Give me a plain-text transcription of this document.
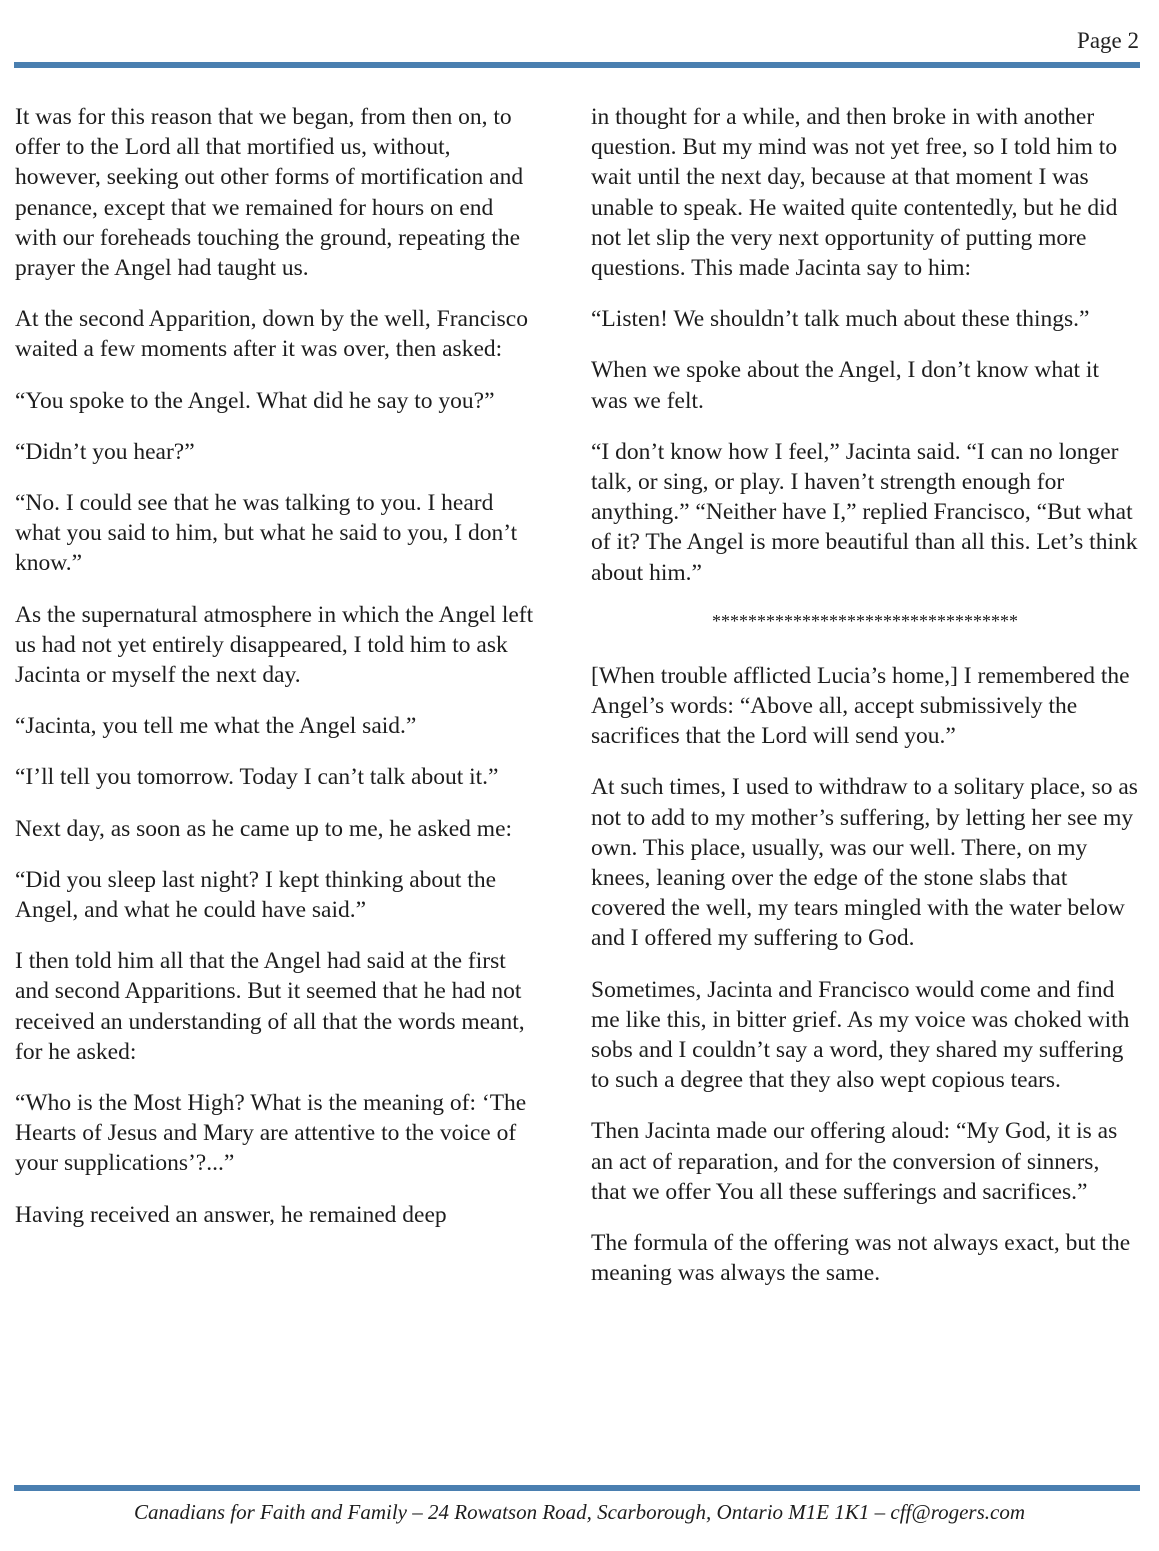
Page 2

It was for this reason that we began, from then on, to offer to the Lord all that mortified us, without, however, seeking out other forms of mortification and penance, except that we remained for hours on end with our foreheads touching the ground, repeating the prayer the Angel had taught us.

At the second Apparition, down by the well, Francisco waited a few moments after it was over, then asked:

“You spoke to the Angel. What did he say to you?”

“Didn’t you hear?”

“No. I could see that he was talking to you. I heard what you said to him, but what he said to you, I don’t know.”

As the supernatural atmosphere in which the Angel left us had not yet entirely disappeared, I told him to ask Jacinta or myself the next day.

“Jacinta, you tell me what the Angel said.”

“I’ll tell you tomorrow. Today I can’t talk about it.”

Next day, as soon as he came up to me, he asked me:

“Did you sleep last night? I kept thinking about the Angel, and what he could have said.”

I then told him all that the Angel had said at the first and second Apparitions. But it seemed that he had not received an understanding of all that the words meant, for he asked:

“Who is the Most High? What is the meaning of: ‘The Hearts of Jesus and Mary are attentive to the voice of your supplications’?...”

Having received an answer, he remained deep

in thought for a while, and then broke in with another question. But my mind was not yet free, so I told him to wait until the next day, because at that moment I was unable to speak. He waited quite contentedly, but he did not let slip the very next opportunity of putting more questions. This made Jacinta say to him:

“Listen! We shouldn’t talk much about these things.”

When we spoke about the Angel, I don’t know what it was we felt.

“I don’t know how I feel,” Jacinta said. “I can no longer talk, or sing, or play. I haven’t strength enough for anything.” “Neither have I,” replied Francisco, “But what of it? The Angel is more beautiful than all this. Let’s think about him.”

**********************************

[When trouble afflicted Lucia’s home,] I remembered the Angel’s words: “Above all, accept submissively the sacrifices that the Lord will send you.”

At such times, I used to withdraw to a solitary place, so as not to add to my mother’s suffering, by letting her see my own. This place, usually, was our well. There, on my knees, leaning over the edge of the stone slabs that covered the well, my tears mingled with the water below and I offered my suffering to God.

Sometimes, Jacinta and Francisco would come and find me like this, in bitter grief. As my voice was choked with sobs and I couldn’t say a word, they shared my suffering to such a degree that they also wept copious tears.

Then Jacinta made our offering aloud: “My God, it is as an act of reparation, and for the conversion of sinners, that we offer You all these sufferings and sacrifices.”

The formula of the offering was not always exact, but the meaning was always the same.

Canadians for Faith and Family – 24 Rowatson Road, Scarborough, Ontario M1E 1K1 – cff@rogers.com
